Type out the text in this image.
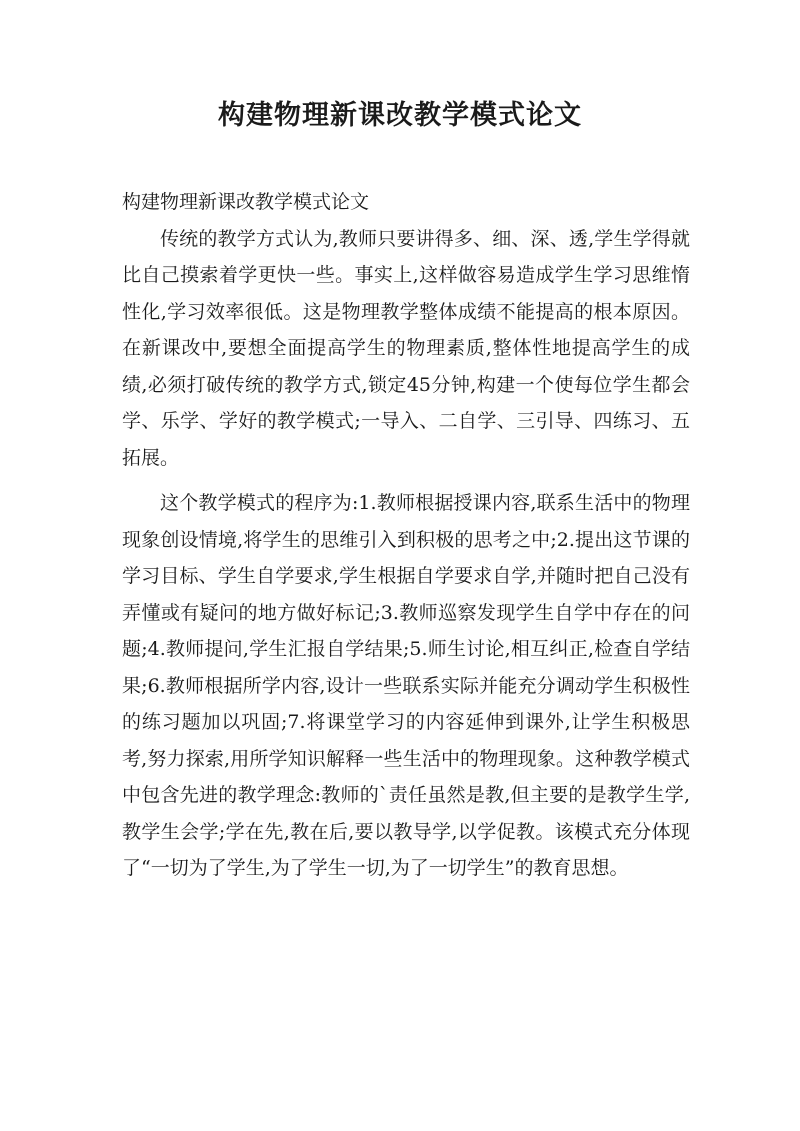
构建物理新课改教学模式论文

构建物理新课改教学模式论文

传统的教学方式认为,教师只要讲得多、细、深、透,学生学得就比自己摸索着学更快一些。事实上,这样做容易造成学生学习思维惰性化,学习效率很低。这是物理教学整体成绩不能提高的根本原因。在新课改中,要想全面提高学生的物理素质,整体性地提高学生的成绩,必须打破传统的教学方式,锁定45分钟,构建一个使每位学生都会学、乐学、学好的教学模式;一导入、二自学、三引导、四练习、五拓展。

这个教学模式的程序为:1.教师根据授课内容,联系生活中的物理现象创设情境,将学生的思维引入到积极的思考之中;2.提出这节课的学习目标、学生自学要求,学生根据自学要求自学,并随时把自己没有弄懂或有疑问的地方做好标记;3.教师巡察发现学生自学中存在的问题;4.教师提问,学生汇报自学结果;5.师生讨论,相互纠正,检查自学结果;6.教师根据所学内容,设计一些联系实际并能充分调动学生积极性的练习题加以巩固;7.将课堂学习的内容延伸到课外,让学生积极思考,努力探索,用所学知识解释一些生活中的物理现象。这种教学模式中包含先进的教学理念:教师的`责任虽然是教,但主要的是教学生学,教学生会学;学在先,教在后,要以教导学,以学促教。该模式充分体现了“一切为了学生,为了学生一切,为了一切学生”的教育思想。
